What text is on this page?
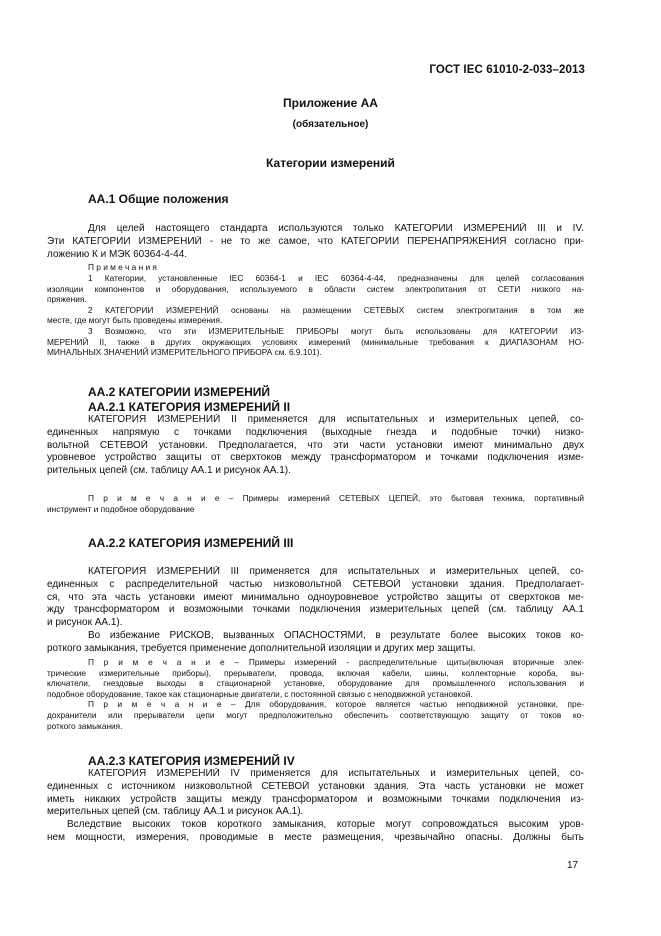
ГОСТ IEC 61010-2-033–2013
Приложение АА
(обязательное)
Категории измерений
АА.1 Общие положения
Для целей настоящего стандарта используются только КАТЕГОРИИ ИЗМЕРЕНИЙ III и IV.
Эти КАТЕГОРИИ ИЗМЕРЕНИЙ - не то же самое, что КАТЕГОРИИ ПЕРЕНАПРЯЖЕНИЯ согласно при-
ложению К и МЭК 60364-4-44.
П р и м е ч а н и я
1 Категории, установленные IEC 60364-1 и IEC 60364-4-44, предназначены для целей согласования
изоляции компонентов и оборудования, используемого в области систем электропитания от СЕТИ низкого на-
пряжения.
2 КАТЕГОРИИ ИЗМЕРЕНИЙ основаны на размещении СЕТЕВЫХ систем электропитания в том же
месте, где могут быть проведены измерения.
3 Возможно, что эти ИЗМЕРИТЕЛЬНЫЕ ПРИБОРЫ могут быть использованы для КАТЕГОРИИ ИЗ-
МЕРЕНИЙ II, также в других окружающих условиях измерений (минимальные требования к ДИАПАЗОНАМ НО-
МИНАЛЬНЫХ ЗНАЧЕНИЙ ИЗМЕРИТЕЛЬНОГО ПРИБОРА см. 6.9.101).
АА.2 КАТЕГОРИИ ИЗМЕРЕНИЙ
АА.2.1 КАТЕГОРИЯ ИЗМЕРЕНИЙ II
КАТЕГОРИЯ ИЗМЕРЕНИЙ II применяется для испытательных и измерительных цепей, со-
единенных напрямую с точками подключения (выходные гнезда и подобные точки) низко-
вольтной СЕТЕВОЙ установки. Предполагается, что эти части установки имеют минимально двух
уровневое устройство защиты от сверхтоков между трансформатором и точками подключения изме-
рительных цепей (см. таблицу АА.1 и рисунок АА.1).
П р и м е ч а н и е – Примеры измерений СЕТЕВЫХ ЦЕПЕЙ, это бытовая техника, портативный
инструмент и подобное оборудование
АА.2.2 КАТЕГОРИЯ ИЗМЕРЕНИЙ III
КАТЕГОРИЯ ИЗМЕРЕНИЙ III применяется для испытательных и измерительных цепей, со-
единенных с распределительной частью низковольтной СЕТЕВОЙ установки здания. Предполагает-
ся, что эта часть установки имеют минимально одноуровневое устройство защиты от сверхтоков ме-
жду трансформатором и возможными точками подключения измерительных цепей (см. таблицу АА.1
и рисунок АА.1).
Во избежание РИСКОВ, вызванных ОПАСНОСТЯМИ, в результате более высоких токов ко-
роткого замыкания, требуется применение дополнительной изоляции и других мер защиты.
П р и м е ч а н и е – Примеры измерений - распределительные щиты(включая вторичные элек-
трические измерительные приборы), прерыватели, провода, включая кабели, шины, коллекторные короба, вы-
ключатели, гнездовые выходы в стационарной установке, оборудование для промышленного использования и
подобное оборудование, такое как стационарные двигатели, с постоянной связью с неподвижной установкой.
П р и м е ч а н и е – Для оборудования, которое является частью неподвижной установки, пре-
дохранители или прерыватели цепи могут предположительно обеспечить соответствующую защиту от токов ко-
роткого замыкания.
АА.2.3 КАТЕГОРИЯ ИЗМЕРЕНИЙ IV
КАТЕГОРИЯ ИЗМЕРЕНИЙ IV применяется для испытательных и измерительных цепей, со-
единенных с источником низковольтной СЕТЕВОЙ установки здания. Эта часть установки не может
иметь никаких устройств защиты между трансформатором и возможными точками подключения из-
мерительных цепей (см. таблицу АА.1 и рисунок АА.1).
Вследствие высоких токов короткого замыкания, которые могут сопровождаться высоким уров-
нем мощности, измерения, проводимые в месте размещения, чрезвычайно опасны. Должны быть
17
